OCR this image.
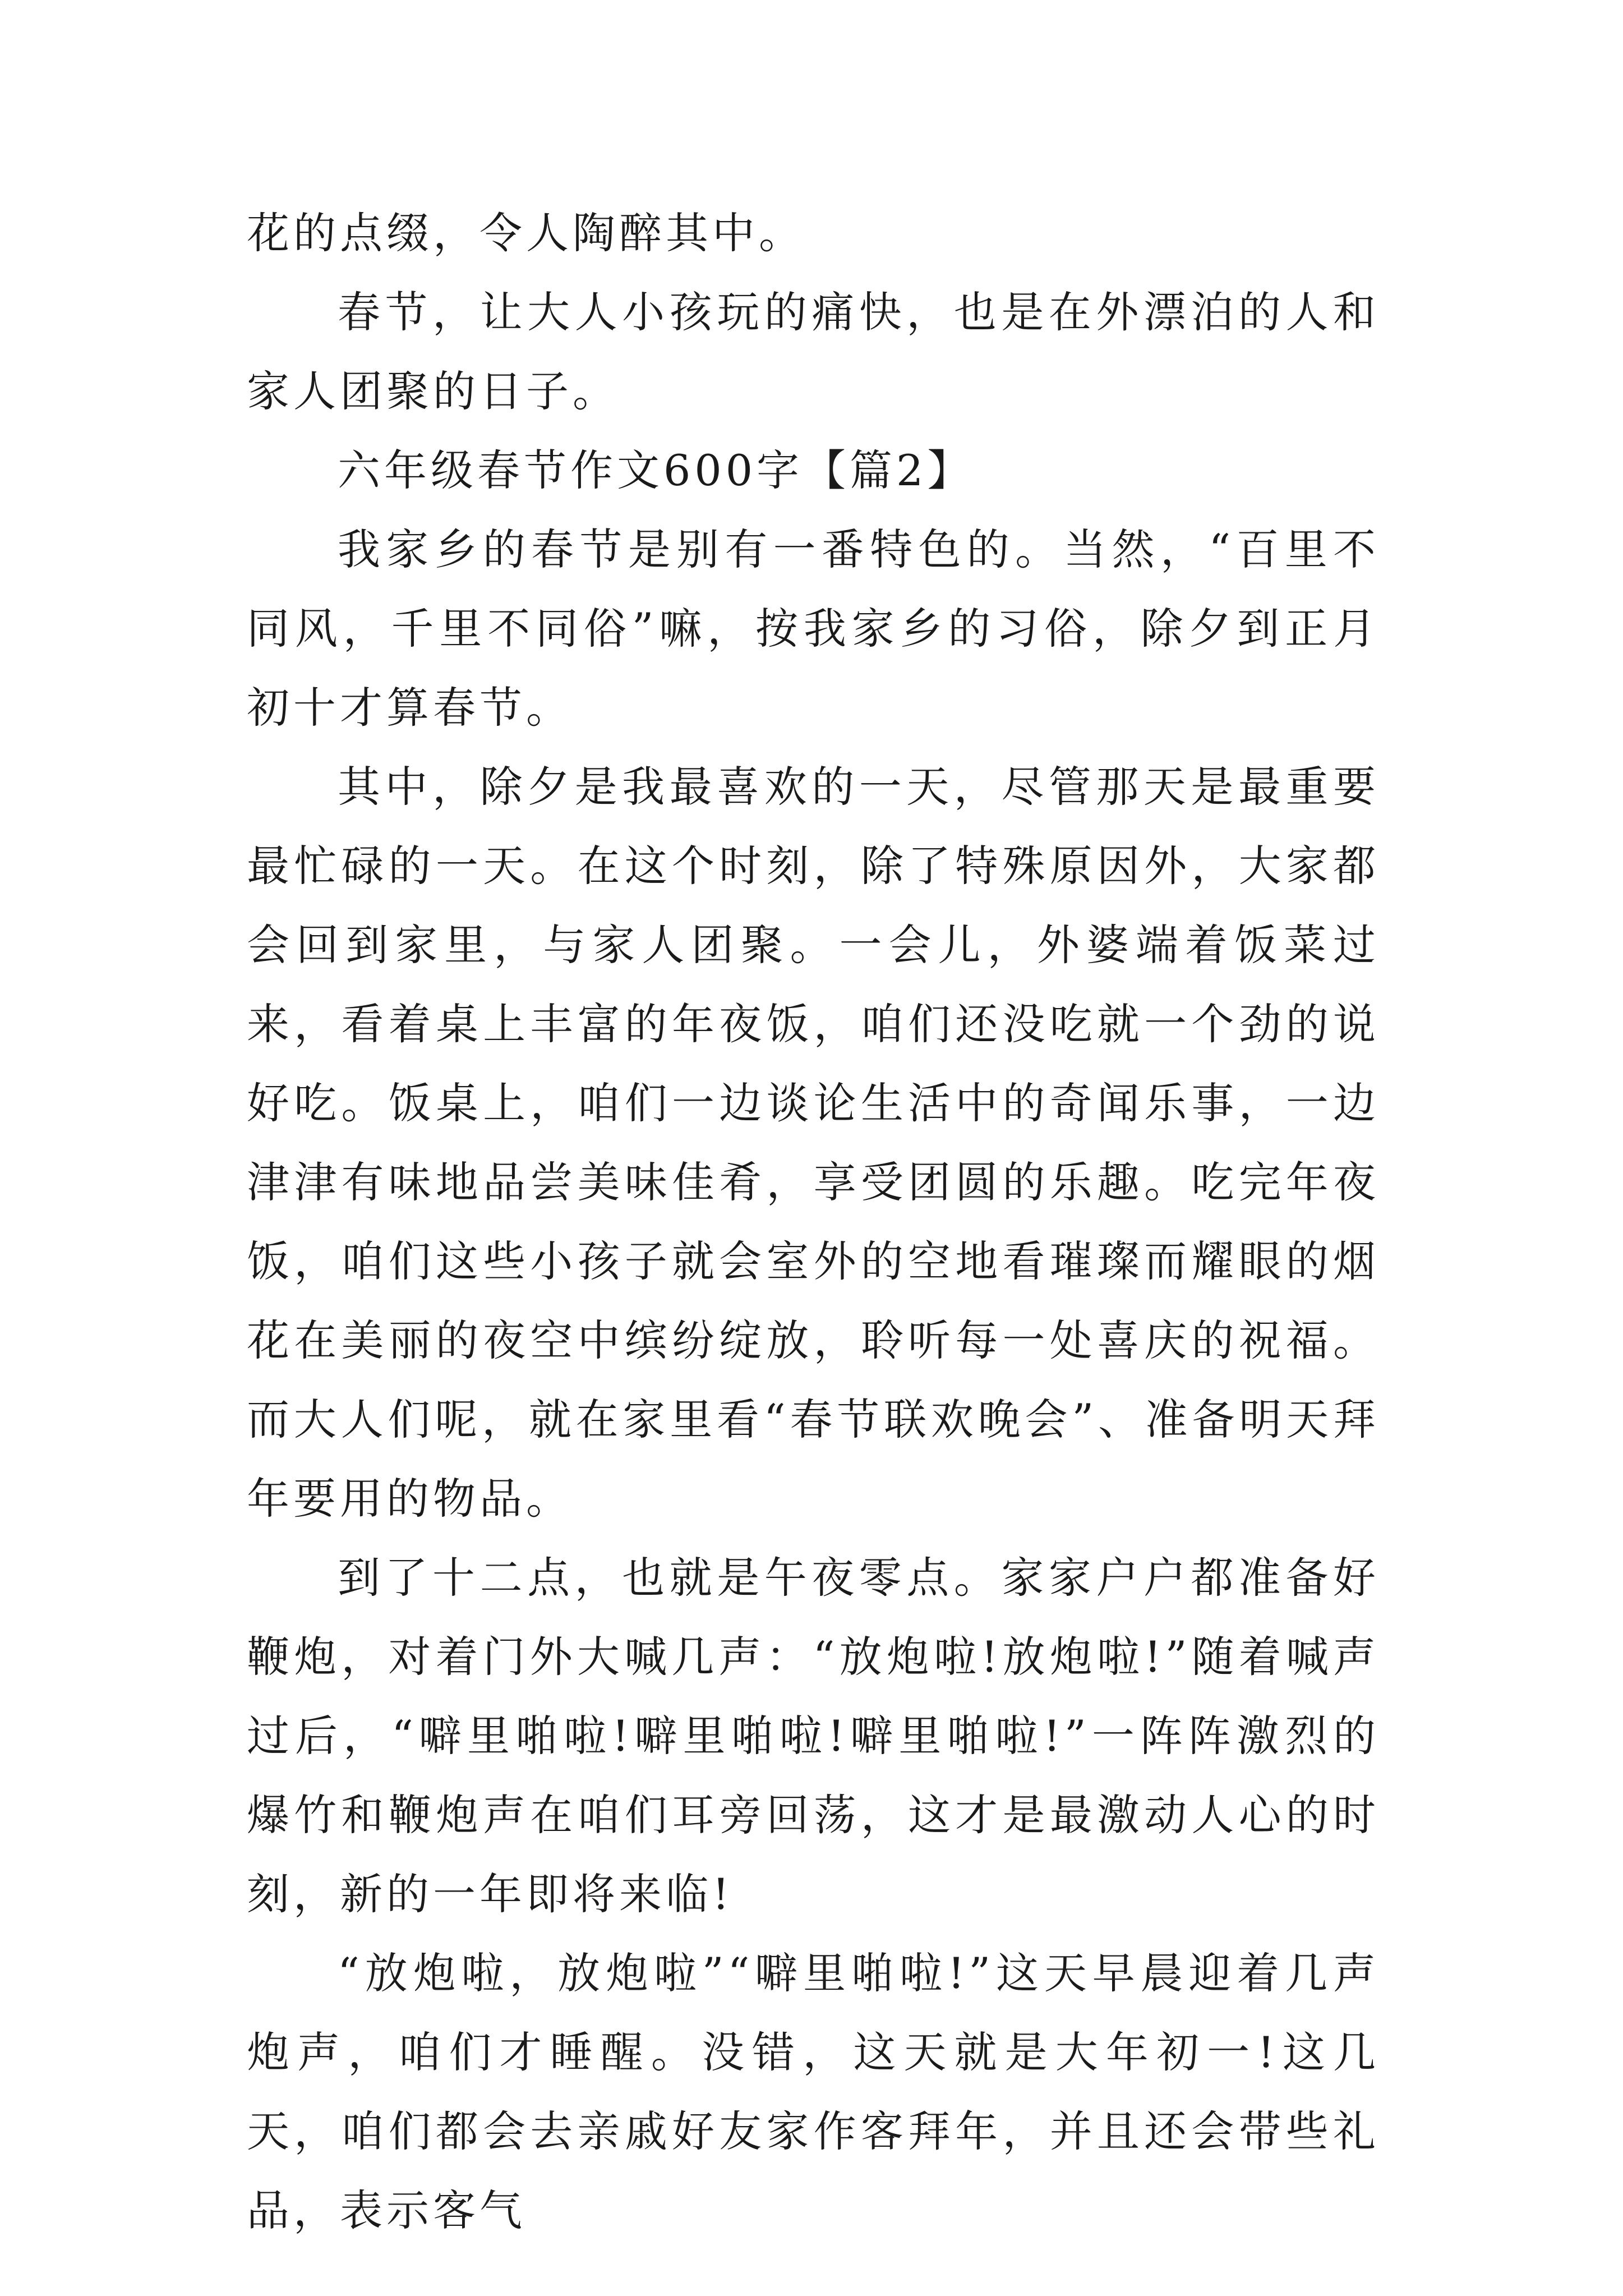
花的点缀，令人陶醉其中。

春节，让大人小孩玩的痛快，也是在外漂泊的人和家人团聚的日子。

六年级春节作文600字【篇2】

我家乡的春节是别有一番特色的。当然，“百里不同风，千里不同俗”嘛，按我家乡的习俗，除夕到正月初十才算春节。

其中，除夕是我最喜欢的一天，尽管那天是最重要最忙碌的一天。在这个时刻，除了特殊原因外，大家都会回到家里，与家人团聚。一会儿，外婆端着饭菜过来，看着桌上丰富的年夜饭，咱们还没吃就一个劲的说好吃。饭桌上，咱们一边谈论生活中的奇闻乐事，一边津津有味地品尝美味佳肴，享受团圆的乐趣。吃完年夜饭，咱们这些小孩子就会室外的空地看璀璨而耀眼的烟花在美丽的夜空中缤纷绽放，聆听每一处喜庆的祝福。而大人们呢，就在家里看“春节联欢晚会”、准备明天拜年要用的物品。

到了十二点，也就是午夜零点。家家户户都准备好鞭炮，对着门外大喊几声：“放炮啦!放炮啦!”随着喊声过后，“噼里啪啦!噼里啪啦!噼里啪啦!”一阵阵激烈的爆竹和鞭炮声在咱们耳旁回荡，这才是最激动人心的时刻，新的一年即将来临!

“放炮啦，放炮啦”“噼里啪啦!”这天早晨迎着几声炮声，咱们才睡醒。没错，这天就是大年初一!这几天，咱们都会去亲戚好友家作客拜年，并且还会带些礼品，表示客气
